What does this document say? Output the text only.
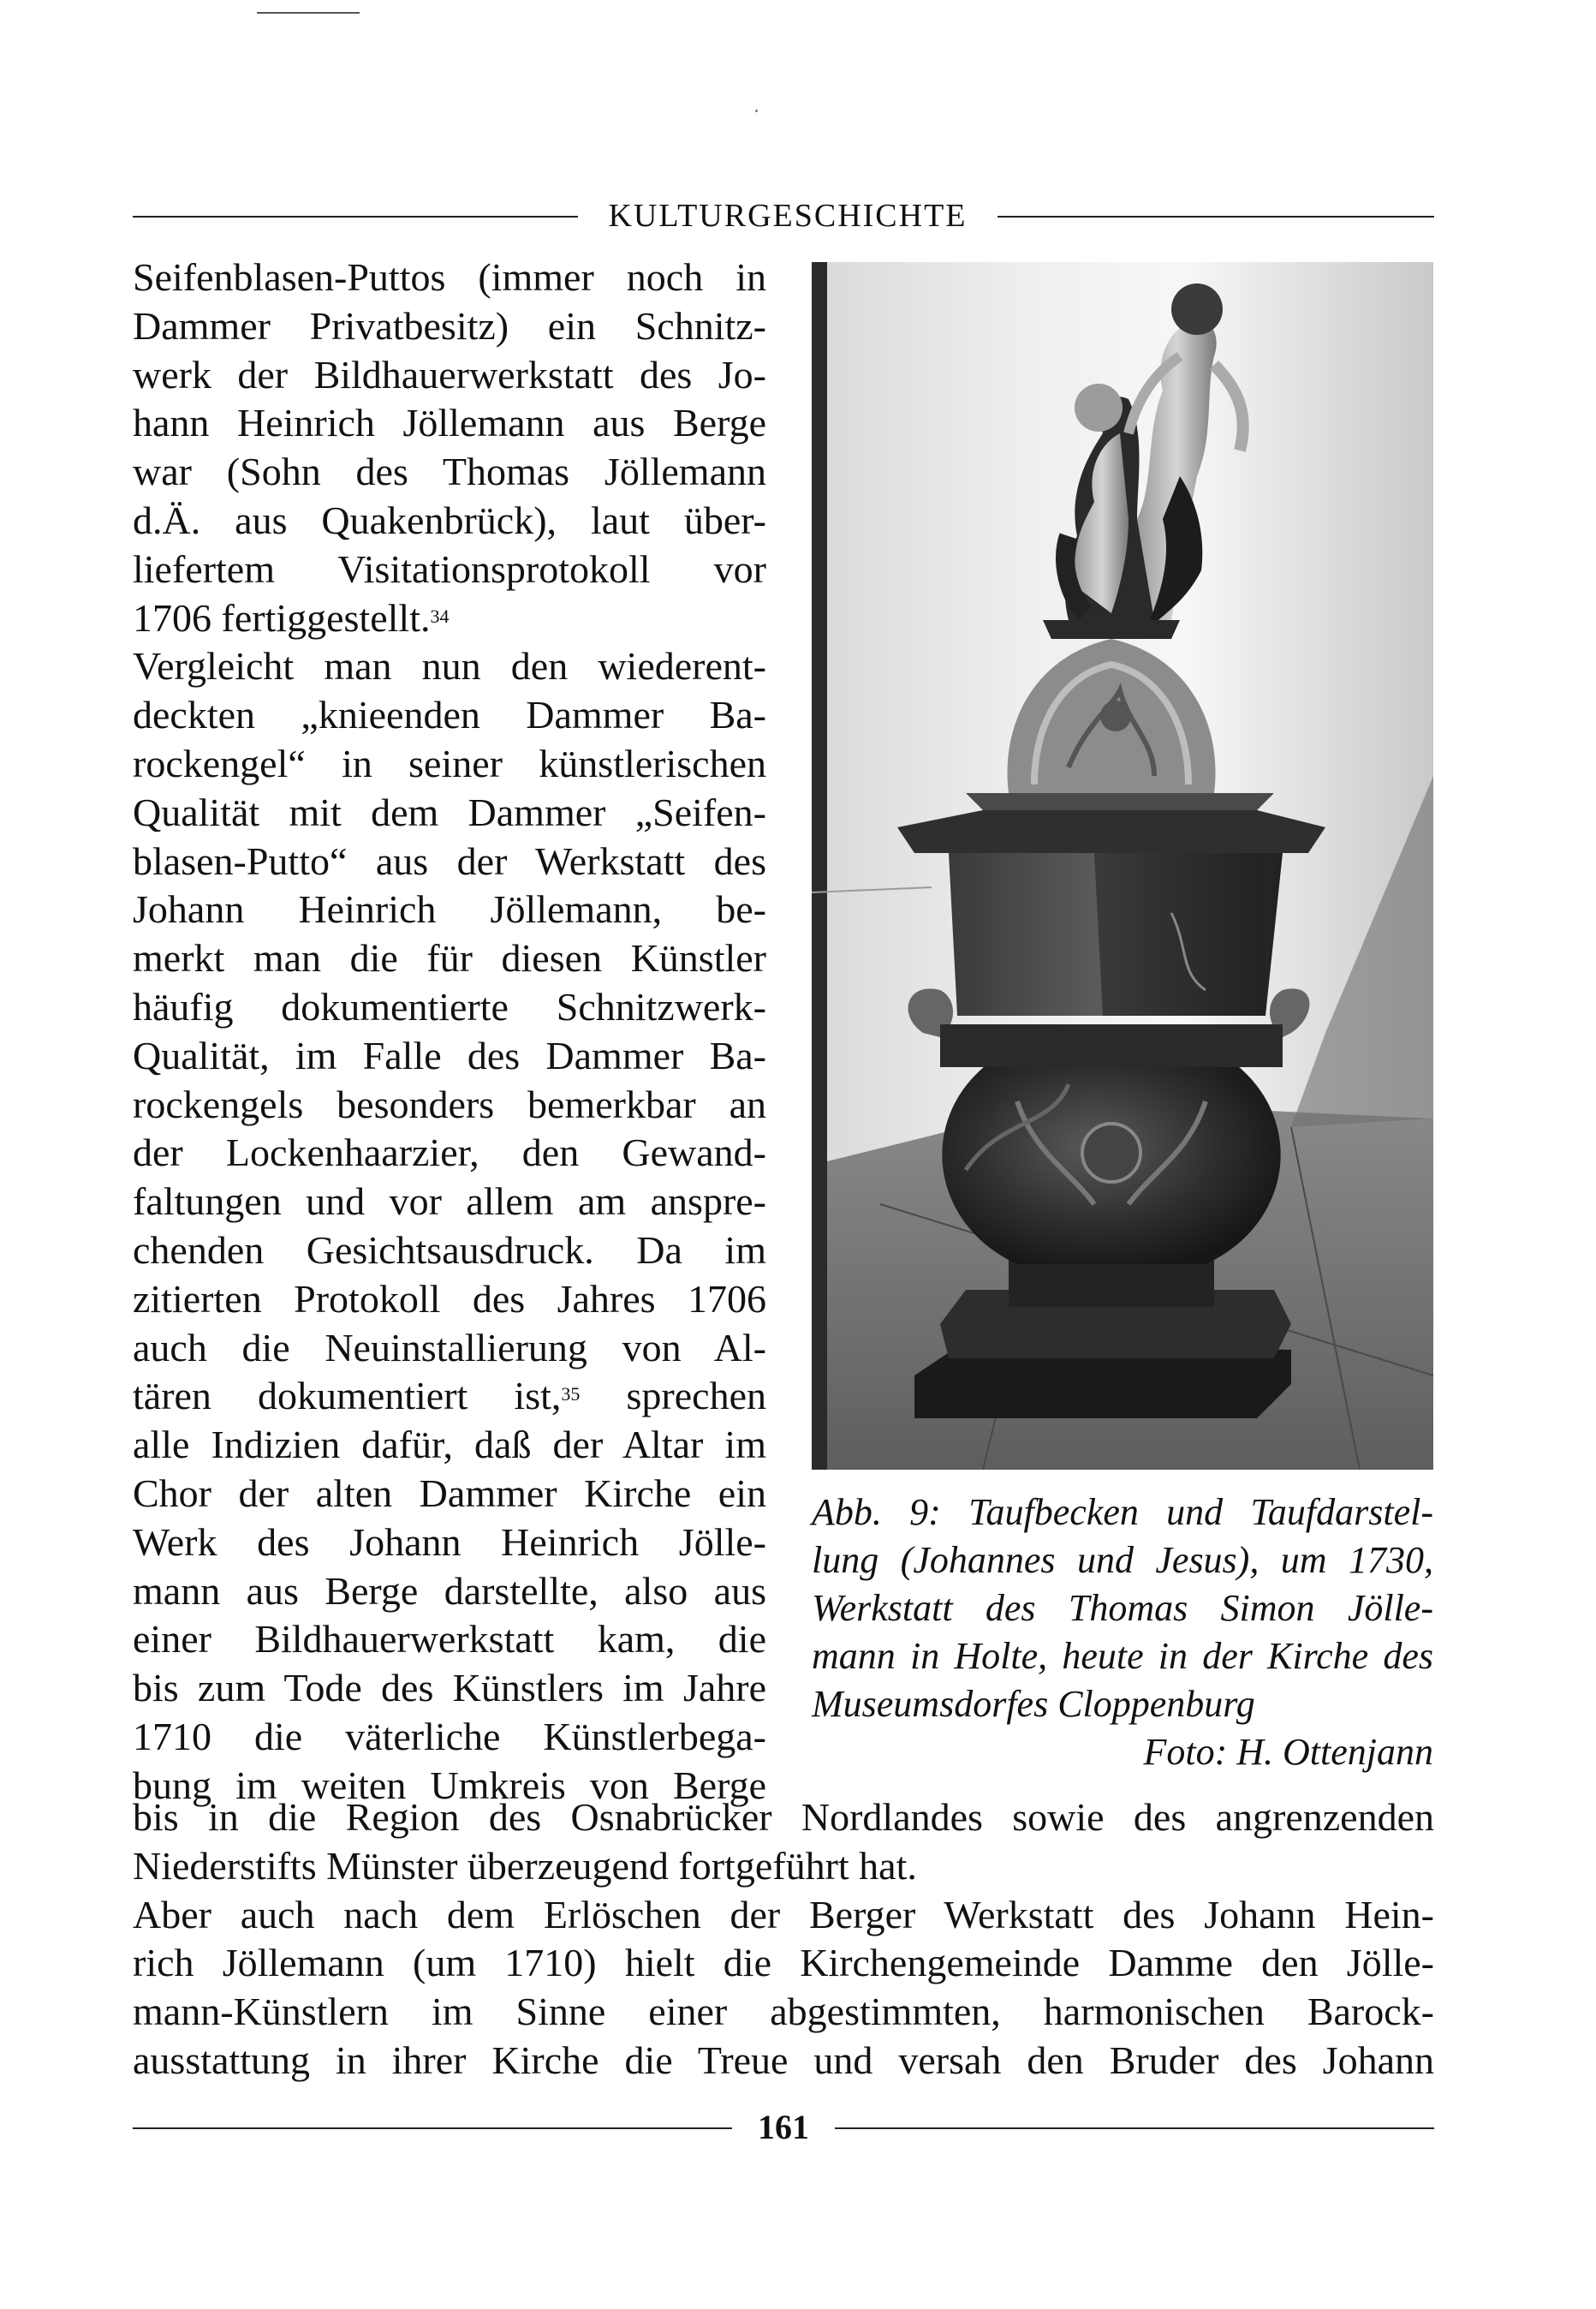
KULTURGESCHICHTE
Seifenblasen-Puttos (immer noch in
Dammer Privatbesitz) ein Schnitz-
werk der Bildhauerwerkstatt des Jo-
hann Heinrich Jöllemann aus Berge
war (Sohn des Thomas Jöllemann
d.Ä. aus Quakenbrück), laut über-
liefertem Visitationsprotokoll vor
1706 fertiggestellt.$^{34}$
Vergleicht man nun den wiederent-
deckten „knieenden Dammer Ba-
rockengel“ in seiner künstlerischen
Qualität mit dem Dammer „Seifen-
blasen-Putto“ aus der Werkstatt des
Johann Heinrich Jöllemann, be-
merkt man die für diesen Künstler
häufig dokumentierte Schnitzwerk-
Qualität, im Falle des Dammer Ba-
rockengels besonders bemerkbar an
der Lockenhaarzier, den Gewand-
faltungen und vor allem am anspre-
chenden Gesichtsausdruck. Da im
zitierten Protokoll des Jahres 1706
auch die Neuinstallierung von Al-
tären dokumentiert ist,$^{35}$ sprechen
alle Indizien dafür, daß der Altar im
Chor der alten Dammer Kirche ein
Werk des Johann Heinrich Jölle-
mann aus Berge darstellte, also aus
einer Bildhauerwerkstatt kam, die
bis zum Tode des Künstlers im Jahre
1710 die väterliche Künstlerbega-
bung im weiten Umkreis von Berge
Abb. 9: Taufbecken und Taufdarstel-
lung (Johannes und Jesus), um 1730,
Werkstatt des Thomas Simon Jölle-
mann in Holte, heute in der Kirche des
Museumsdorfes Cloppenburg
Foto: H. Ottenjann
bis in die Region des Osnabrücker Nordlandes sowie des angrenzenden
Niederstifts Münster überzeugend fortgeführt hat.
Aber auch nach dem Erlöschen der Berger Werkstatt des Johann Hein-
rich Jöllemann (um 1710) hielt die Kirchengemeinde Damme den Jölle-
mann-Künstlern im Sinne einer abgestimmten, harmonischen Barock-
ausstattung in ihrer Kirche die Treue und versah den Bruder des Johann
161
